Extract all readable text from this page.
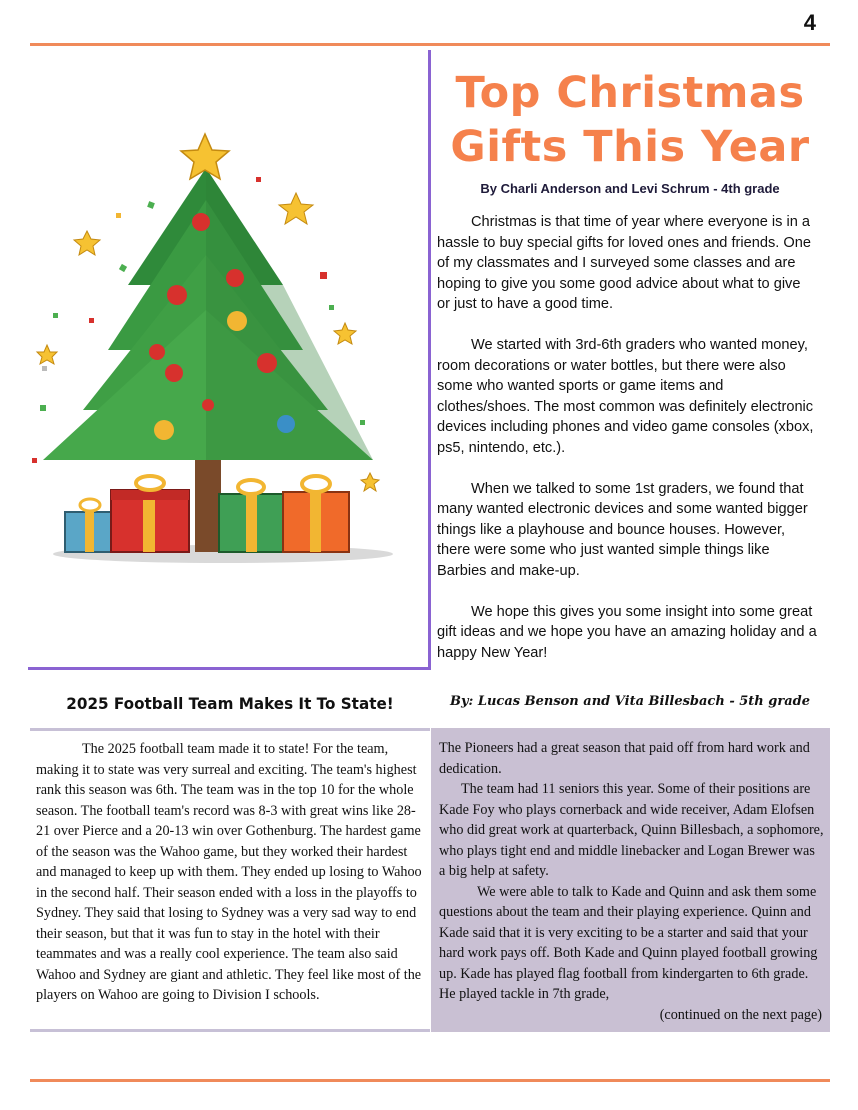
4
Top Christmas Gifts This Year
By Charli Anderson and Levi Schrum - 4th grade

Christmas is that time of year where everyone is in a hassle to buy special gifts for loved ones and friends. One of my classmates and I surveyed some classes and are hoping to give you some good advice about what to give or just to have a good time.

We started with 3rd-6th graders who wanted money, room decorations or water bottles, but there were also some who wanted sports or game items and clothes/shoes. The most common was definitely electronic devices including phones and video game consoles (xbox, ps5, nintendo, etc.).

When we talked to some 1st graders, we found that many wanted electronic devices and some wanted bigger things like a playhouse and bounce houses. However, there were some who just wanted simple things like Barbies and make-up.

We hope this gives you some insight into some great gift ideas and we hope you have an amazing holiday and a happy New Year!

2025 Football Team Makes It To State!	By: Lucas Benson and Vita Billesbach - 5th grade

The 2025 football team made it to state! For the team, making it to state was very surreal and exciting. The team's highest rank this season was 6th. The team was in the top 10 for the whole season. The football team's record was 8-3 with great wins like 28-21 over Pierce and a 20-13 win over Gothenburg. The hardest game of the season was the Wahoo game, but they worked their hardest and managed to keep up with them. They ended up losing to Wahoo in the second half. Their season ended with a loss in the playoffs to Sydney. They said that losing to Sydney was a very sad way to end their season, but that it was fun to stay in the hotel with their teammates and was a really cool experience. The team also said Wahoo and Sydney are giant and athletic. They feel like most of the players on Wahoo are going to Division I schools.

The Pioneers had a great season that paid off from hard work and dedication.

The team had 11 seniors this year. Some of their positions are Kade Foy who plays cornerback and wide receiver, Adam Elofsen who did great work at quarterback, Quinn Billesbach, a sophomore, who plays tight end and middle linebacker and Logan Brewer was a big help at safety.

We were able to talk to Kade and Quinn and ask them some questions about the team and their playing experience. Quinn and Kade said that it is very exciting to be a starter and said that your hard work pays off. Both Kade and Quinn played football growing up. Kade has played flag football from kindergarten to 6th grade. He played tackle in 7th grade,

(continued on the next page)
